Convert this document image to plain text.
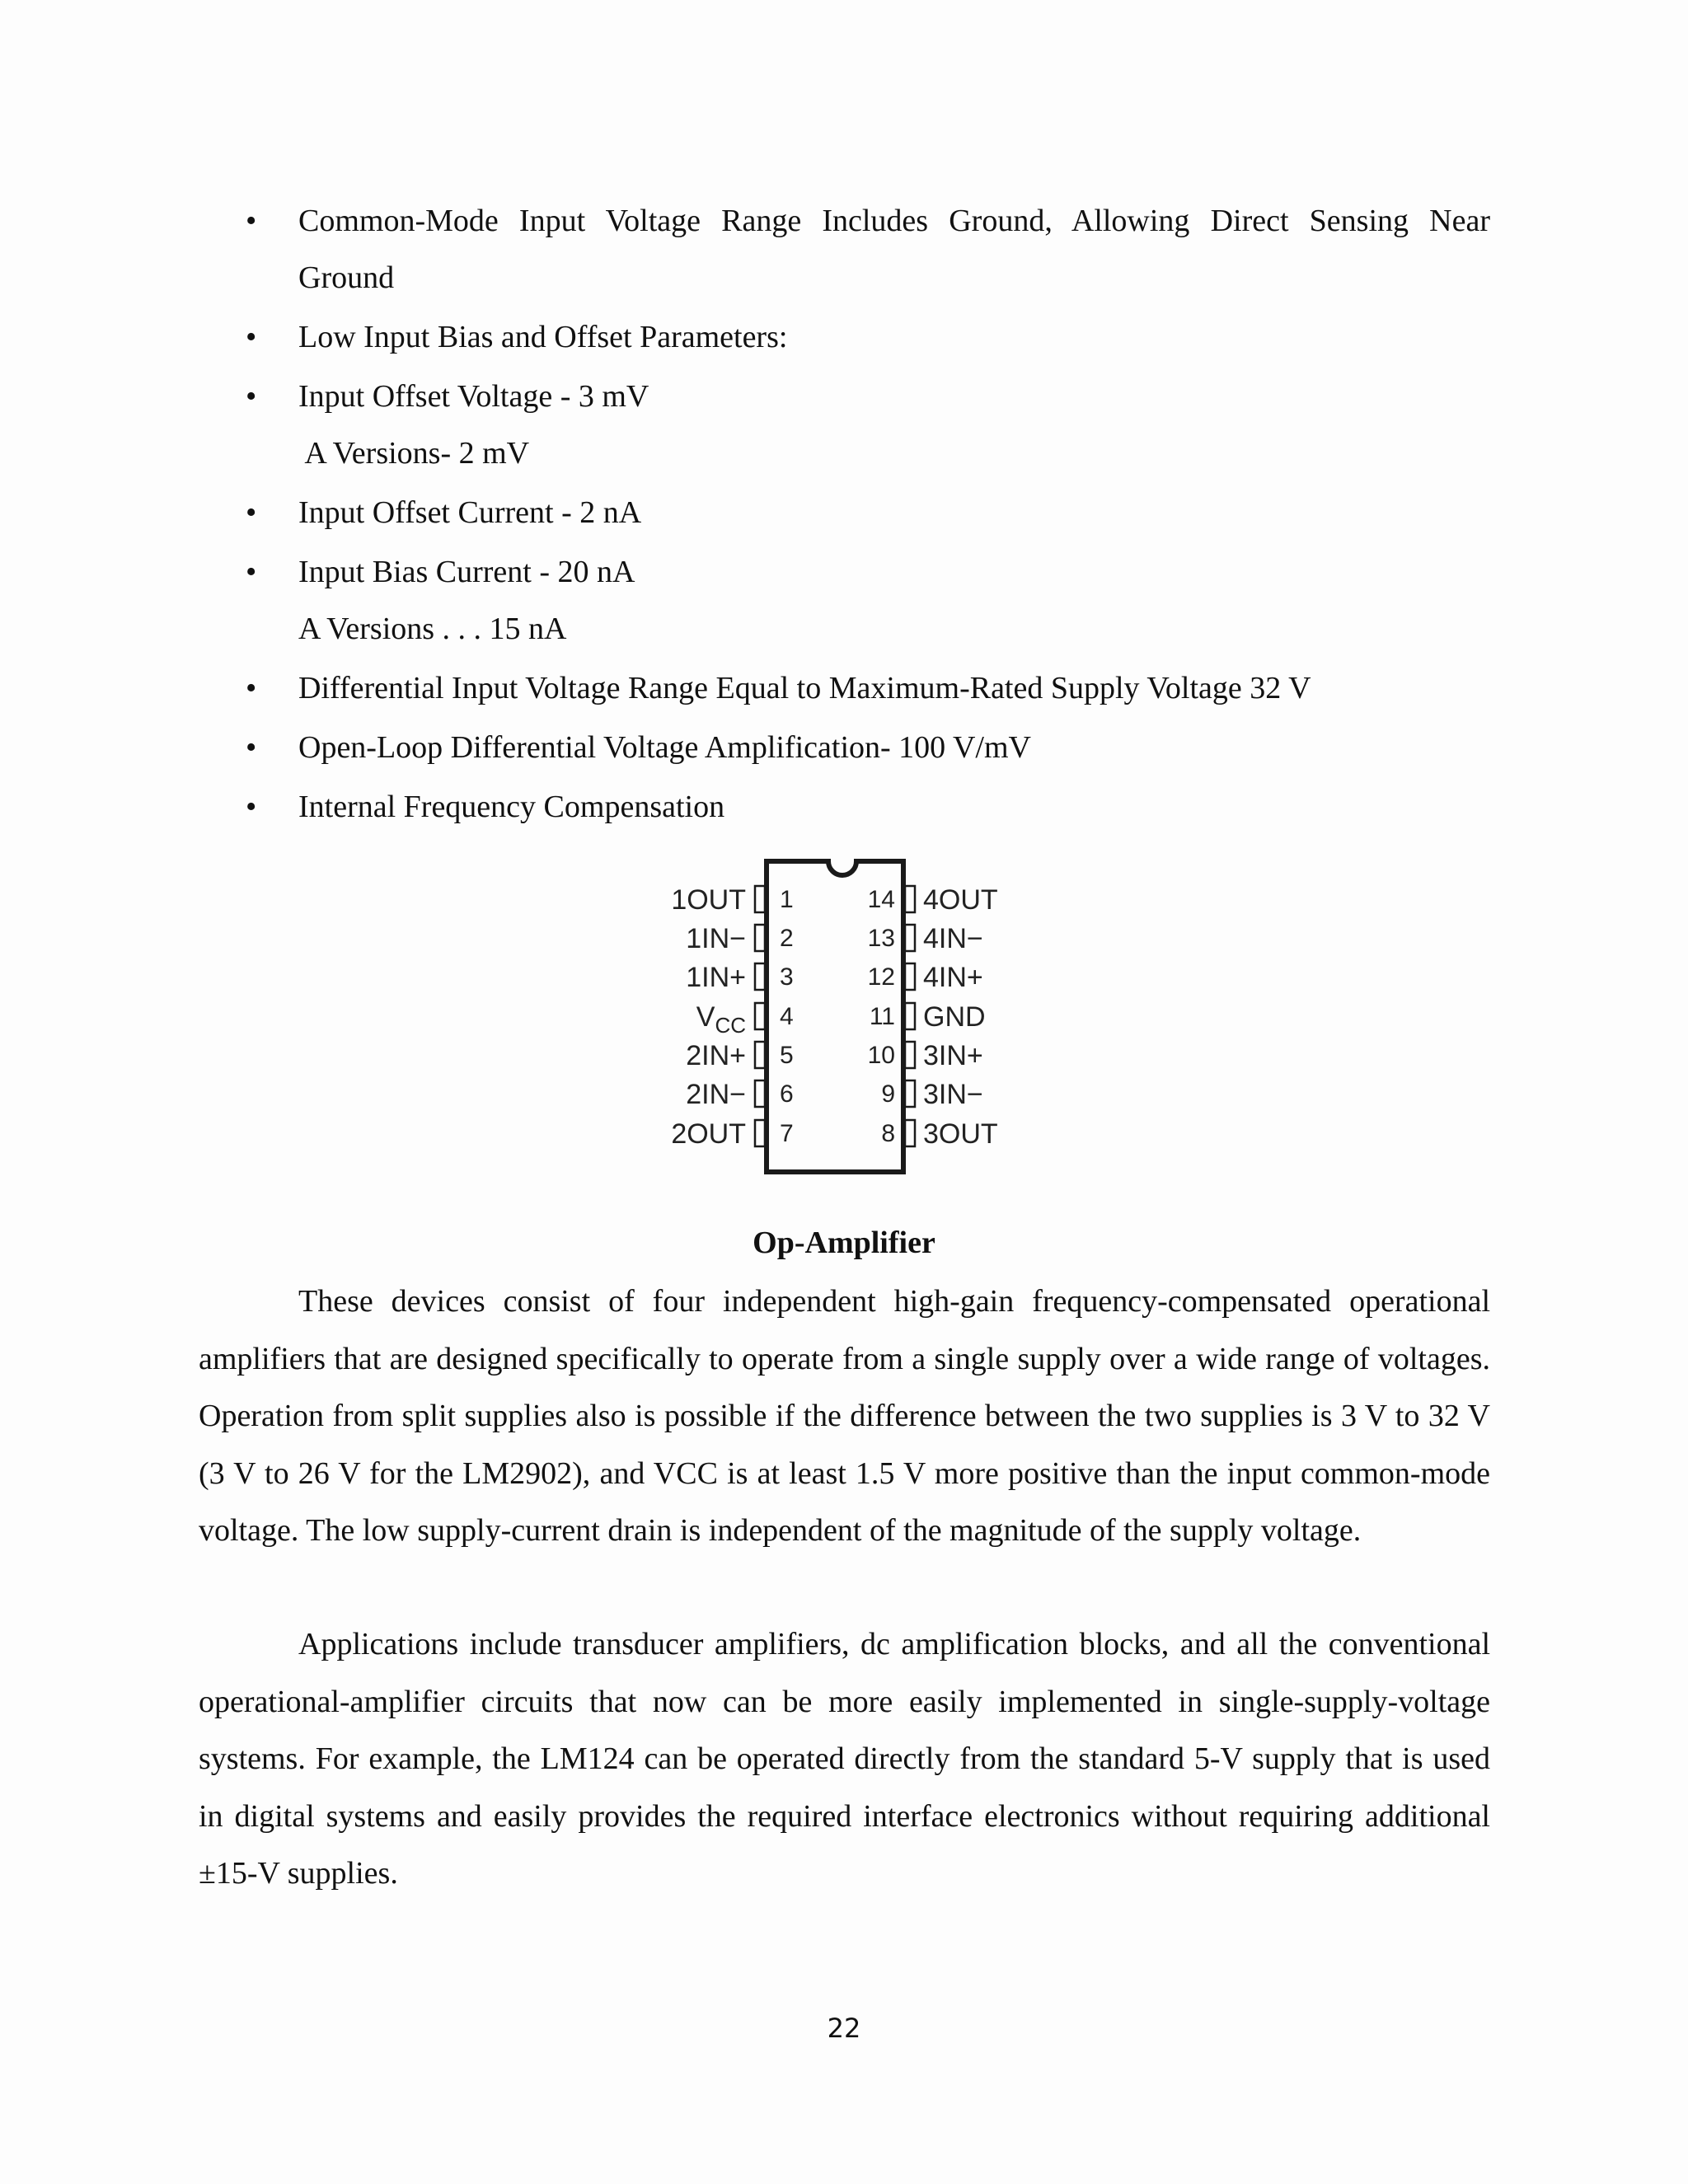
• Common-Mode Input Voltage Range Includes Ground, Allowing Direct Sensing Near
Ground
• Low Input Bias and Offset Parameters:
• Input Offset Voltage - 3 mV
A Versions- 2 mV
• Input Offset Current - 2 nA
• Input Bias Current - 20 nA
A Versions . . . 15 nA
• Differential Input Voltage Range Equal to Maximum-Rated Supply Voltage 32 V
• Open-Loop Differential Voltage Amplification- 100 V/mV
• Internal Frequency Compensation
1OUT
1IN−
1IN+
$V_{CC}$
2IN+
2IN−
2OUT
1
2
3
4
5
6
7
14
13
12
11
10
9
8
4OUT
4IN−
4IN+
GND
3IN+
3IN−
3OUT
Op-Amplifier

These devices consist of four independent high-gain frequency-compensated operational amplifiers that are designed specifically to operate from a single supply over a wide range of voltages. Operation from split supplies also is possible if the difference between the two supplies is 3 V to 32 V (3 V to 26 V for the LM2902), and VCC is at least 1.5 V more positive than the input common-mode voltage. The low supply-current drain is independent of the magnitude of the supply voltage.

Applications include transducer amplifiers, dc amplification blocks, and all the conventional operational-amplifier circuits that now can be more easily implemented in single-supply-voltage systems. For example, the LM124 can be operated directly from the standard 5-V supply that is used in digital systems and easily provides the required interface electronics without requiring additional ±15-V supplies.

22
